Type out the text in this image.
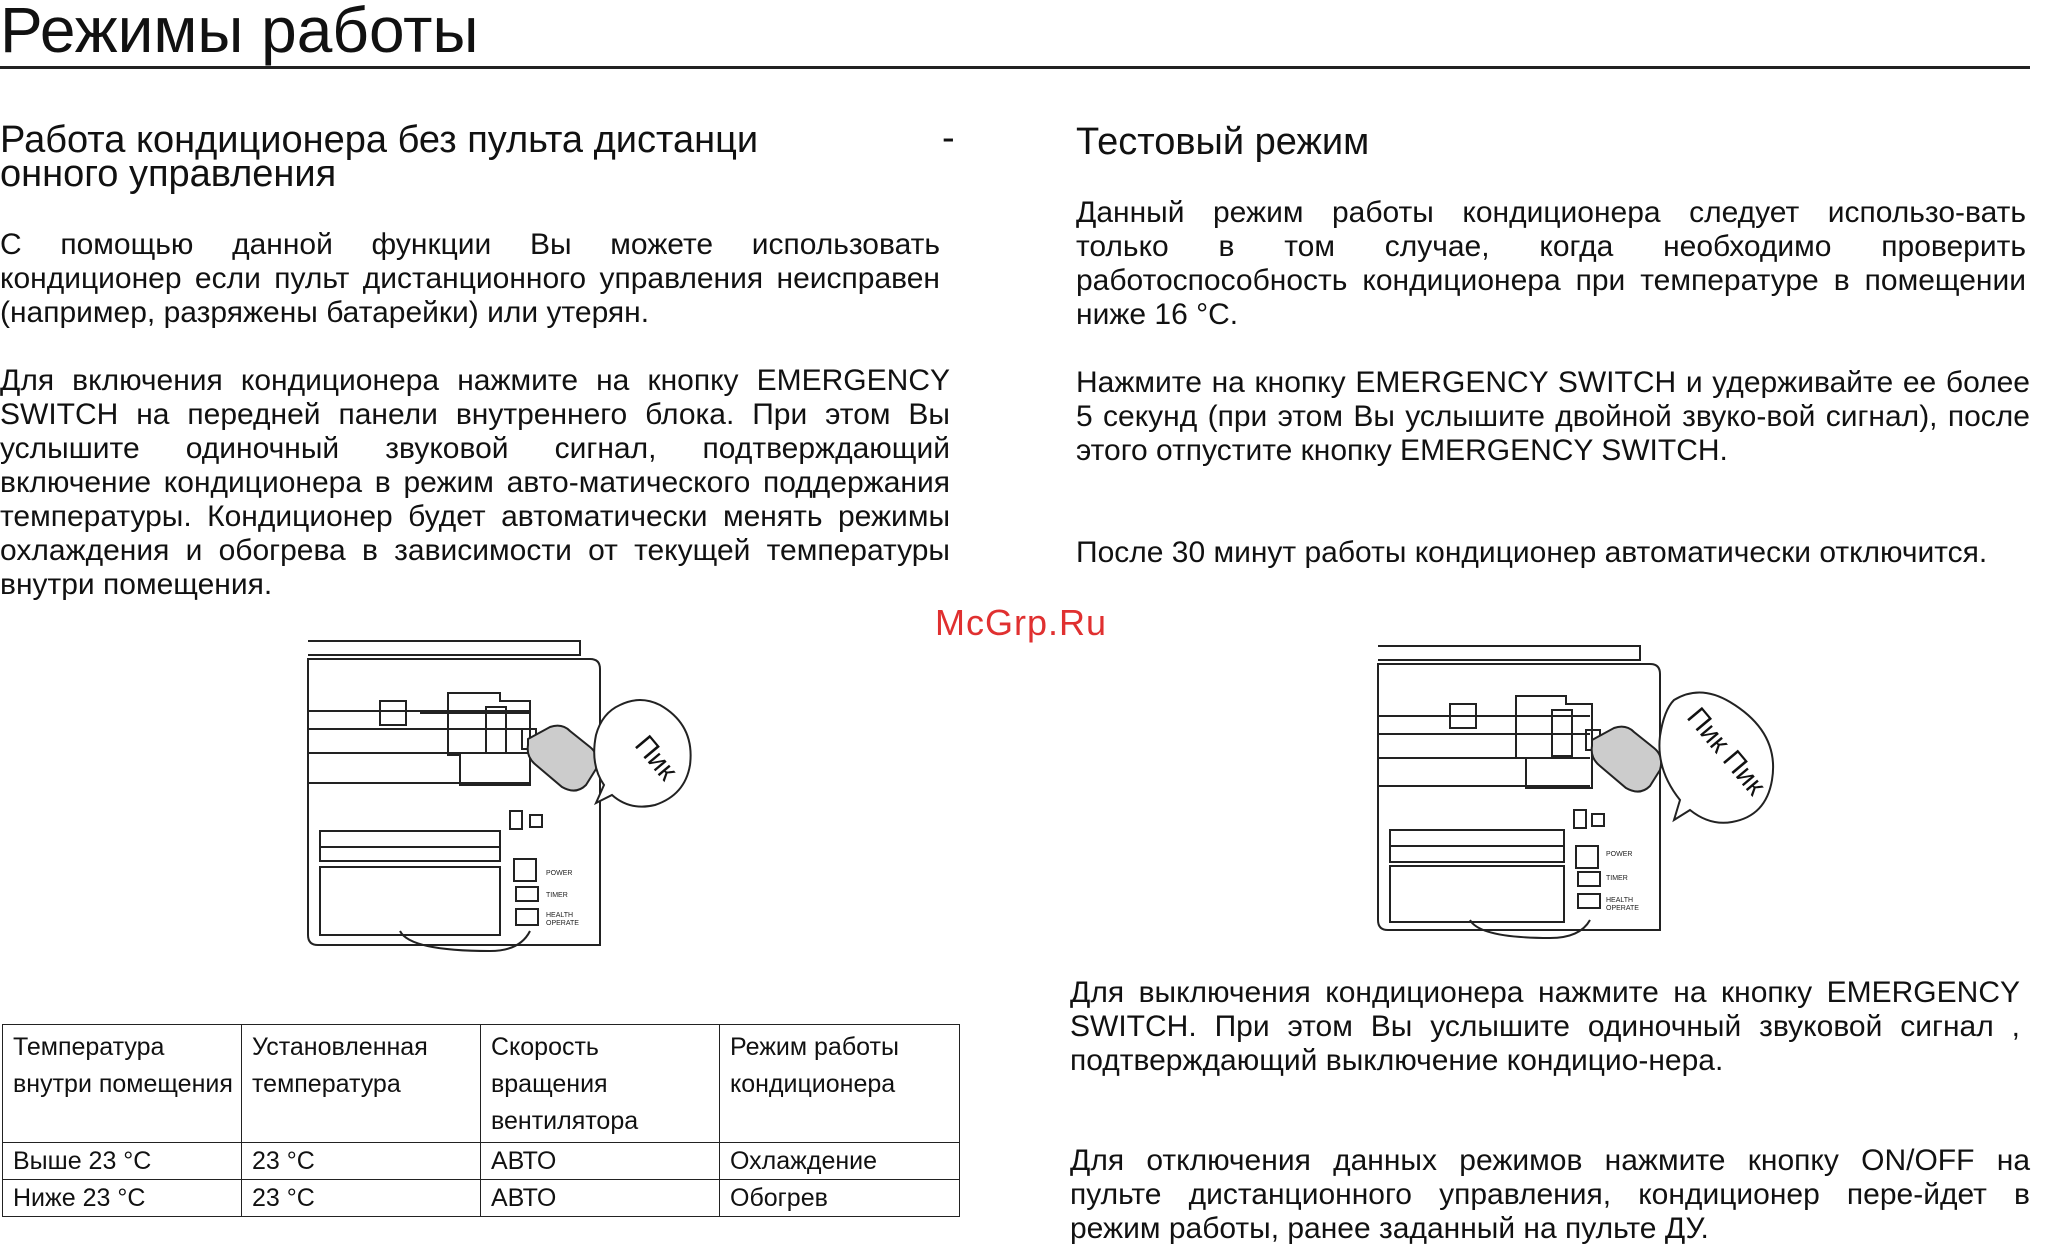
Режимы работы
Работа кондиционера без пульта дистанци	-
онного управления

С помощью данной функции Вы можете использовать кондиционер если пульт дистанционного управления неисправен (например, разряжены батарейки) или утерян.

Для включения кондиционера нажмите на кнопку EMERGENCY SWITCH на передней панели внутреннего блока. При этом Вы услышите одиночный звуковой сигнал, подтверждающий включение кондиционера в режим авто-матического поддержания температуры. Кондиционер будет автоматически менять режимы охлаждения и обогрева в зависимости от текущей температуры внутри помещения.

Пик
POWER
TIMER
HEALTH
OPERATE
Температура внутри помещения	Установленная температура	Скорость вращения вентилятора	Режим работы кондиционера
Выше 23 °С	23 °С	АВТО	Охлаждение
Ниже 23 °С	23 °С	АВТО	Обогрев
McGrp.Ru
Тестовый режим

Данный режим работы кондиционера следует использо-вать только в том случае, когда необходимо проверить работоспособность кондиционера при температуре в помещении ниже 16 °С.

Нажмите на кнопку EMERGENCY SWITCH и удерживайте ее более 5 секунд (при этом Вы услышите двойной звуко-вой сигнал), после этого отпустите кнопку EMERGENCY SWITCH.

После 30 минут работы кондиционер автоматически отключится.

Пик Пик
POWER
TIMER
HEALTH
OPERATE

Для выключения кондиционера нажмите на кнопку EMERGENCY SWITCH. При этом Вы услышите одиночный звуковой сигнал , подтверждающий выключение кондицио-нера.

Для отключения данных режимов нажмите кнопку ON/OFF на пульте дистанционного управления, кондиционер пере-йдет в режим работы, ранее заданный на пульте ДУ.
